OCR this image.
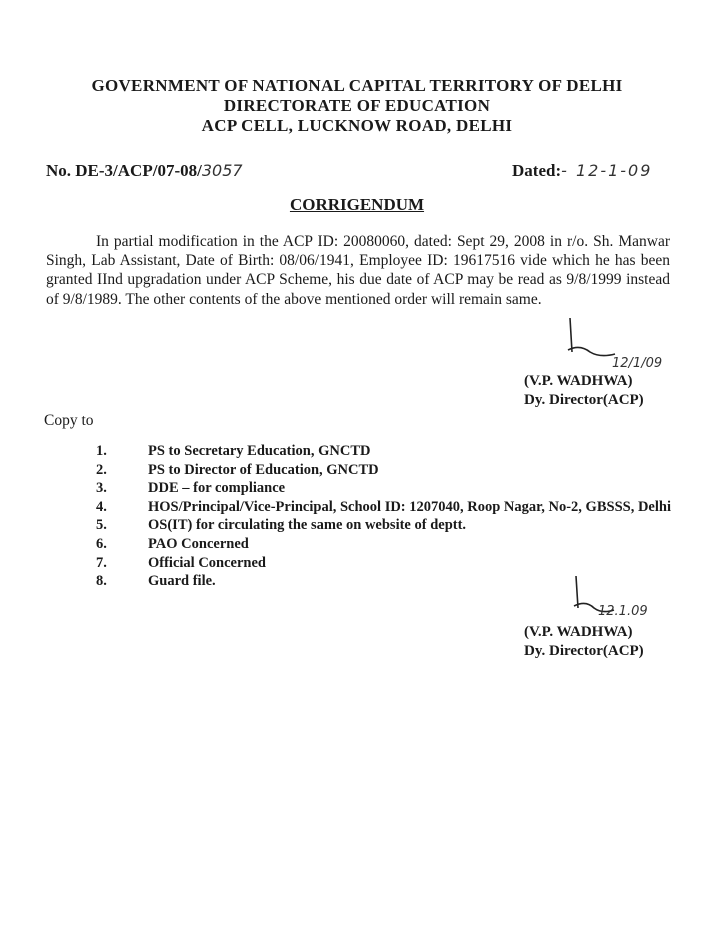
GOVERNMENT OF NATIONAL CAPITAL TERRITORY OF DELHI
DIRECTORATE OF EDUCATION
ACP CELL, LUCKNOW ROAD, DELHI
No. DE-3/ACP/07-08/3057	Dated:- 12-1-09
CORRIGENDUM
In partial modification in the ACP ID: 20080060, dated: Sept 29, 2008 in r/o. Sh. Manwar Singh, Lab Assistant, Date of Birth: 08/06/1941, Employee ID: 19617516 vide which he has been granted IInd upgradation under ACP Scheme, his due date of ACP may be read as 9/8/1999 instead of 9/8/1989. The other contents of the above mentioned order will remain same.
12/1/09
(V.P. WADHWA)
Dy. Director(ACP)
Copy to
1.	PS to Secretary Education, GNCTD
2.	PS to Director of Education, GNCTD
3.	DDE – for compliance
4.	HOS/Principal/Vice-Principal, School ID: 1207040, Roop Nagar, No-2, GBSSS, Delhi
5.	OS(IT) for circulating the same on website of deptt.
6.	PAO Concerned
7.	Official Concerned
8.	Guard file.
12.1.09
(V.P. WADHWA)
Dy. Director(ACP)
